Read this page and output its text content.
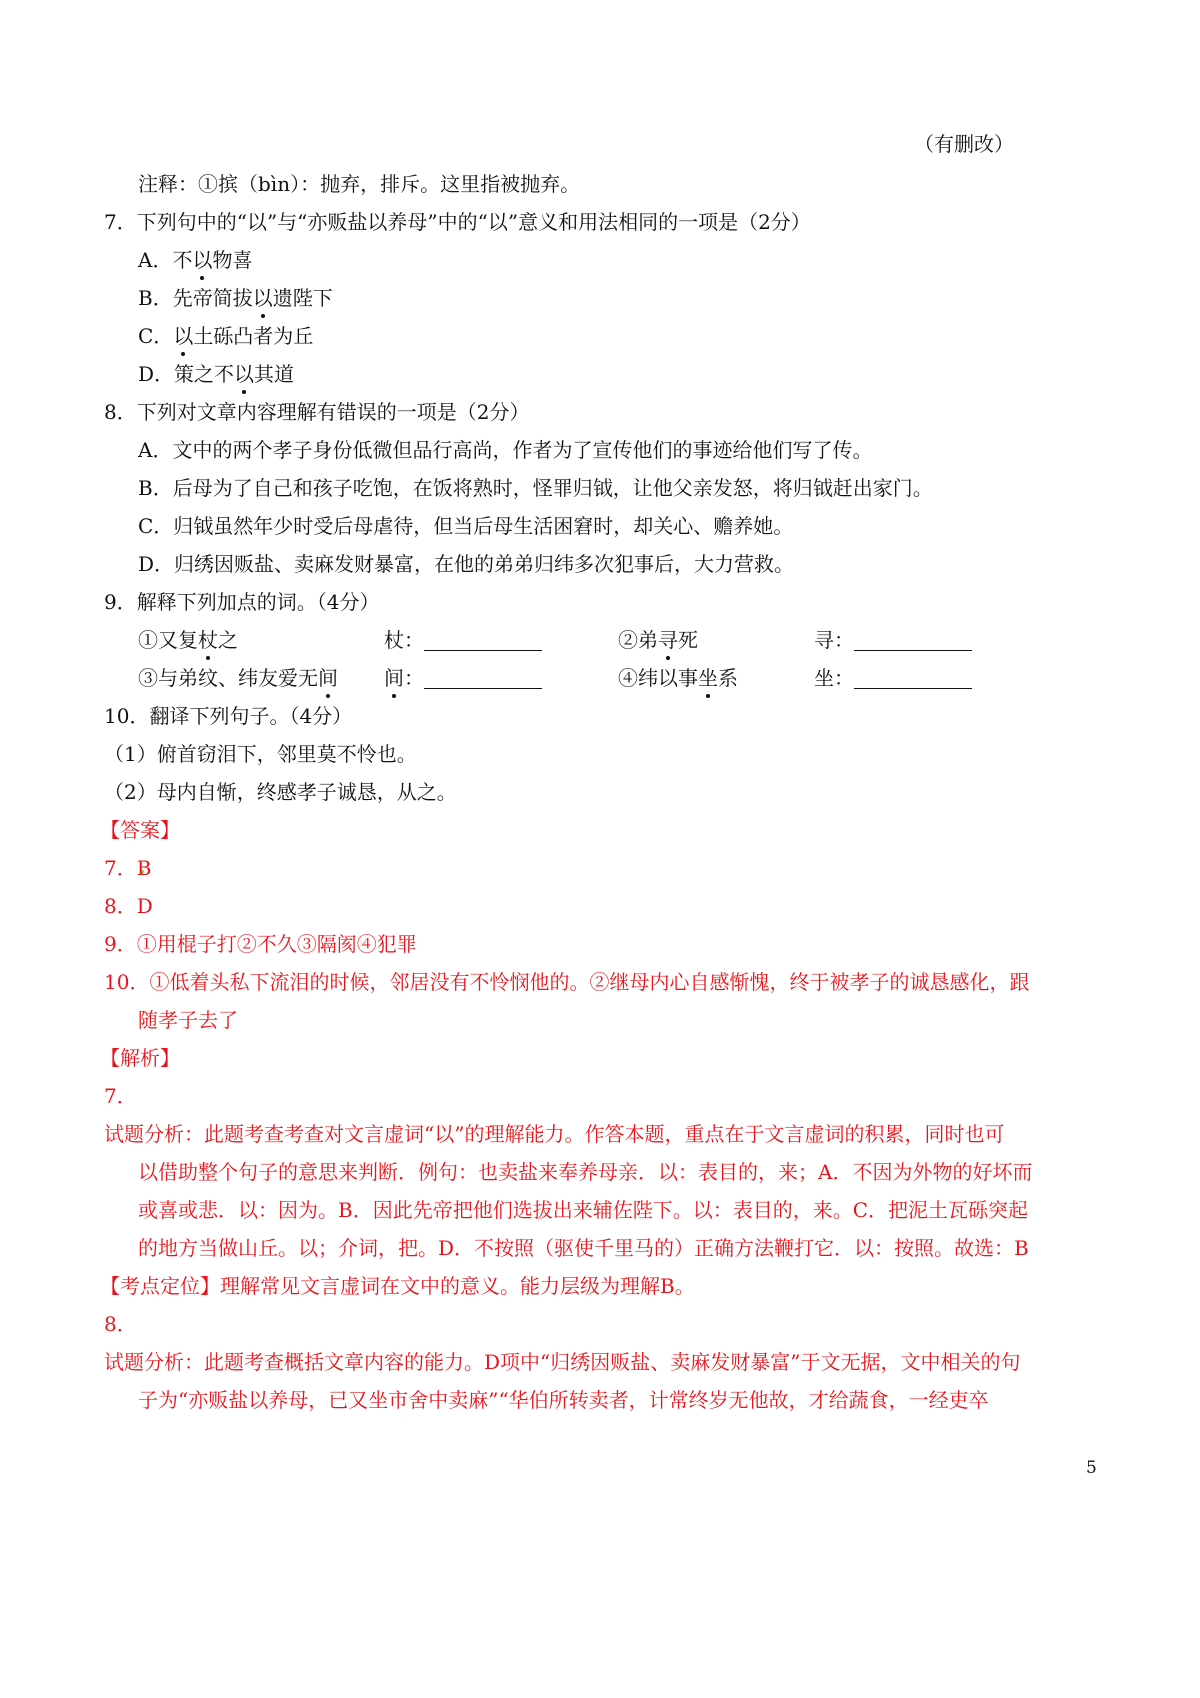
（有删改）
注释：①摈（bìn）：抛弃，排斥。这里指被抛弃。
7．下列句中的“以”与“亦贩盐以养母”中的“以”意义和用法相同的一项是（2分）
A．不以物喜
B．先帝简拔以遗陛下
C．以土砾凸者为丘
D．策之不以其道
8．下列对文章内容理解有错误的一项是（2分）
A．文中的两个孝子身份低微但品行高尚，作者为了宣传他们的事迹给他们写了传。
B．后母为了自己和孩子吃饱，在饭将熟时，怪罪归钺，让他父亲发怒，将归钺赶出家门。
C．归钺虽然年少时受后母虐待，但当后母生活困窘时，却关心、赡养她。
D．归绣因贩盐、卖麻发财暴富，在他的弟弟归纬多次犯事后，大力营救。
9．解释下列加点的词。（4分）
①又复杖之	杖：	②弟寻死	寻：
③与弟纹、纬友爱无间 间：	④纬以事坐系	坐：
10．翻译下列句子。（4分）
（1）俯首窃泪下，邻里莫不怜也。
（2）母内自惭，终感孝子诚恳，从之。
【答案】
7．B
8．D
9．①用棍子打②不久③隔阂④犯罪
10．①低着头私下流泪的时候，邻居没有不怜悯他的。②继母内心自感惭愧，终于被孝子的诚恳感化，跟
随孝子去了
【解析】
7．
试题分析：此题考查考查对文言虚词“以”的理解能力。作答本题，重点在于文言虚词的积累，同时也可
以借助整个句子的意思来判断．例句：也卖盐来奉养母亲．以：表目的，来；A．不因为外物的好坏而
或喜或悲．以：因为。B．因此先帝把他们选拔出来辅佐陛下。以：表目的，来。C．把泥土瓦砾突起
的地方当做山丘。以；介词，把。D．不按照（驱使千里马的）正确方法鞭打它．以：按照。故选：B
【考点定位】理解常见文言虚词在文中的意义。能力层级为理解B。
8．
试题分析：此题考查概括文章内容的能力。D项中“归绣因贩盐、卖麻发财暴富”于文无据，文中相关的句
子为“亦贩盐以养母，已又坐市舍中卖麻”“华伯所转卖者，计常终岁无他故，才给蔬食，一经吏卒
5
